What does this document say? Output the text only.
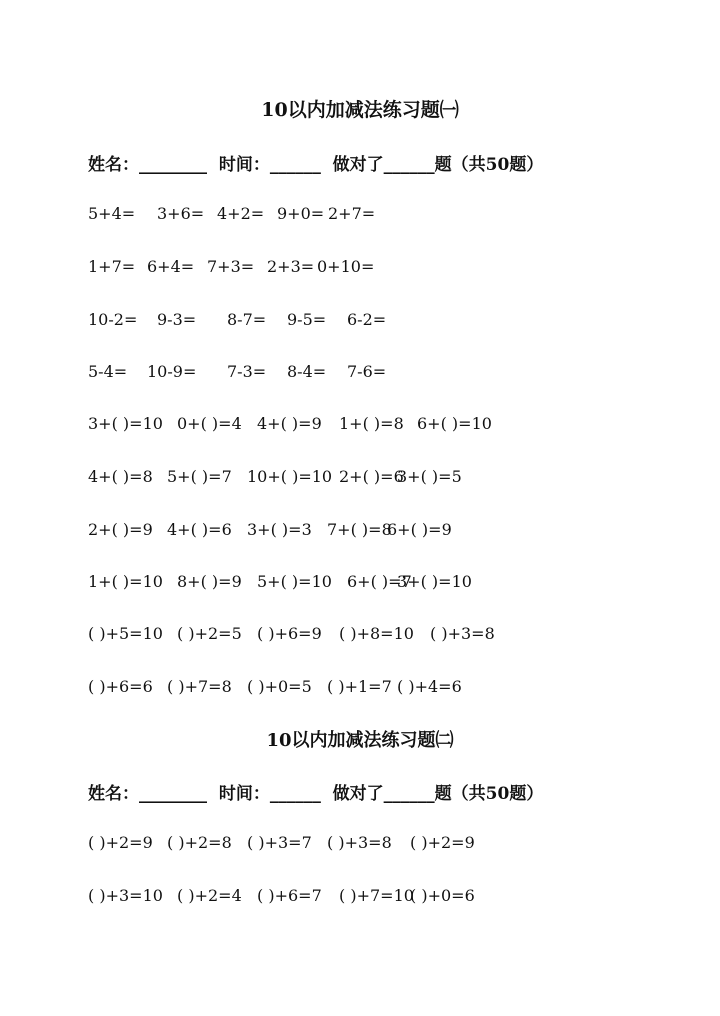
10以内加减法练习题㈠
姓名：________  时间：______  做对了______题（共50题）
5+4= 3+6= 4+2= 9+0= 2+7=
1+7= 6+4= 7+3= 2+3= 0+10=
10-2= 9-3= 8-7= 9-5= 6-2=
5-4= 10-9= 7-3= 8-4= 7-6=
3+( )=10 0+( )=4 4+( )=9 1+( )=8 6+( )=10
4+( )=8 5+( )=7 10+( )=10 2+( )=6
3+( )=5
2+( )=9 4+( )=6 3+( )=3 7+( )=8
6+( )=9
1+( )=10 8+( )=9 5+( )=10 6+( )=7
3+( )=10
( )+5=10 ( )+2=5 ( )+6=9 ( )+8=10 ( )+3=8
( )+6=6 ( )+7=8 ( )+0=5 ( )+1=7 ( )+4=6
10以内加减法练习题㈡
姓名：________  时间：______  做对了______题（共50题）
( )+2=9 ( )+2=8 ( )+3=7 ( )+3=8 ( )+2=9
( )+3=10 ( )+2=4 ( )+6=7 ( )+7=10
( )+0=6
